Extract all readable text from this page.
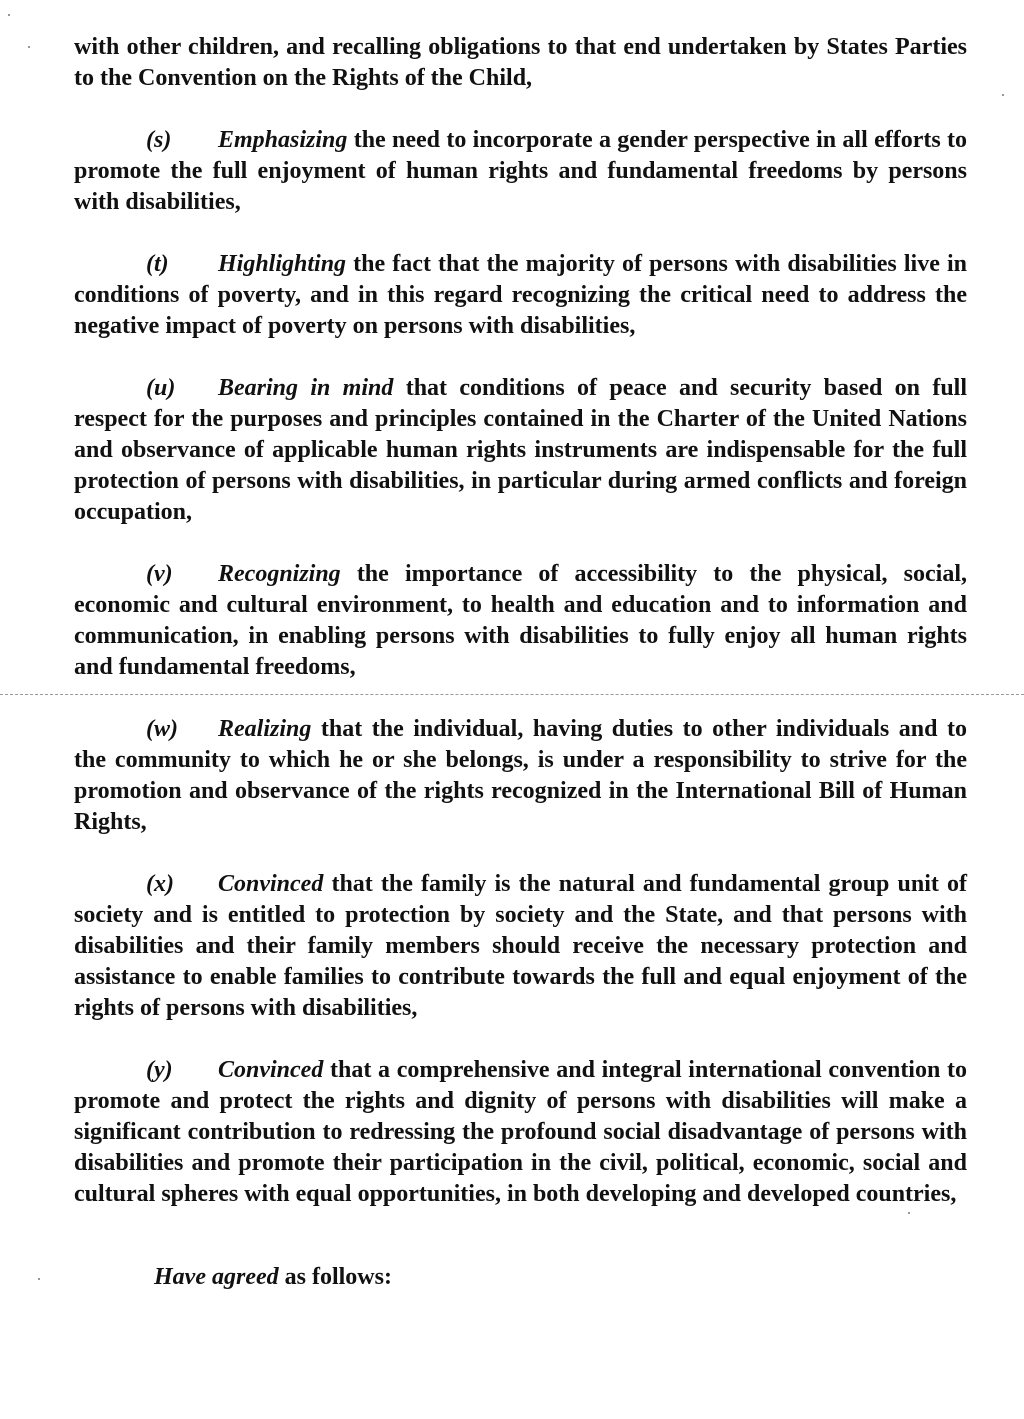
with other children, and recalling obligations to that end undertaken by States Parties to the Convention on the Rights of the Child,

(s) Emphasizing the need to incorporate a gender perspective in all efforts to promote the full enjoyment of human rights and fundamental freedoms by persons with disabilities,

(t) Highlighting the fact that the majority of persons with disabilities live in conditions of poverty, and in this regard recognizing the critical need to address the negative impact of poverty on persons with disabilities,

(u) Bearing in mind that conditions of peace and security based on full respect for the purposes and principles contained in the Charter of the United Nations and observance of applicable human rights instruments are indispensable for the full protection of persons with disabilities, in particular during armed conflicts and foreign occupation,

(v) Recognizing the importance of accessibility to the physical, social, economic and cultural environment, to health and education and to information and communication, in enabling persons with disabilities to fully enjoy all human rights and fundamental freedoms,

(w) Realizing that the individual, having duties to other individuals and to the community to which he or she belongs, is under a responsibility to strive for the promotion and observance of the rights recognized in the International Bill of Human Rights,

(x) Convinced that the family is the natural and fundamental group unit of society and is entitled to protection by society and the State, and that persons with disabilities and their family members should receive the necessary protection and assistance to enable families to contribute towards the full and equal enjoyment of the rights of persons with disabilities,

(y) Convinced that a comprehensive and integral international convention to promote and protect the rights and dignity of persons with disabilities will make a significant contribution to redressing the profound social disadvantage of persons with disabilities and promote their participation in the civil, political, economic, social and cultural spheres with equal opportunities, in both developing and developed countries,

Have agreed as follows:
